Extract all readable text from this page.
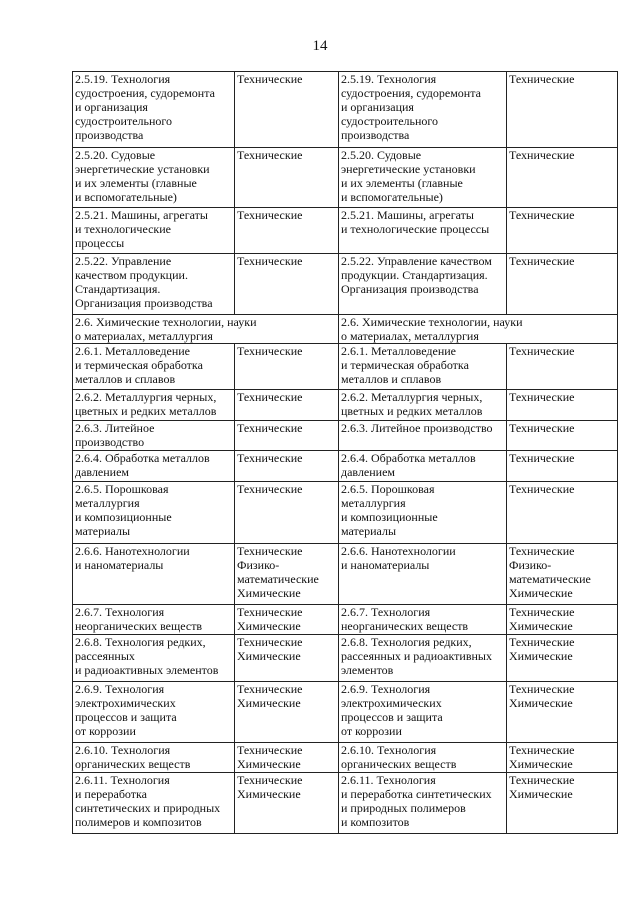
14
2.5.19. Технология
судостроения, судоремонта
и организация
судостроительного
производства	Технические	2.5.19. Технология
судостроения, судоремонта
и организация
судостроительного
производства	Технические
2.5.20. Судовые
энергетические установки
и их элементы (главные
и вспомогательные)	Технические	2.5.20. Судовые
энергетические установки
и их элементы (главные
и вспомогательные)	Технические
2.5.21. Машины, агрегаты
и технологические
процессы	Технические	2.5.21. Машины, агрегаты
и технологические процессы	Технические
2.5.22. Управление
качеством продукции.
Стандартизация.
Организация производства	Технические	2.5.22. Управление качеством
продукции. Стандартизация.
Организация производства	Технические
2.6. Химические технологии, науки
о материалах, металлургия		2.6. Химические технологии, науки
о материалах, металлургия	
2.6.1. Металловедение
и термическая обработка
металлов и сплавов	Технические	2.6.1. Металловедение
и термическая обработка
металлов и сплавов	Технические
2.6.2. Металлургия черных,
цветных и редких металлов	Технические	2.6.2. Металлургия черных,
цветных и редких металлов	Технические
2.6.3. Литейное
производство	Технические	2.6.3. Литейное производство	Технические
2.6.4. Обработка металлов
давлением	Технические	2.6.4. Обработка металлов
давлением	Технические
2.6.5. Порошковая
металлургия
и композиционные
материалы	Технические	2.6.5. Порошковая
металлургия
и композиционные
материалы	Технические
2.6.6. Нанотехнологии
и наноматериалы	Технические
Физико-
математические
Химические	2.6.6. Нанотехнологии
и наноматериалы	Технические
Физико-
математические
Химические
2.6.7. Технология
неорганических веществ	Технические
Химические	2.6.7. Технология
неорганических веществ	Технические
Химические
2.6.8. Технология редких,
рассеянных
и радиоактивных элементов	Технические
Химические	2.6.8. Технология редких,
рассеянных и радиоактивных
элементов	Технические
Химические
2.6.9. Технология
электрохимических
процессов и защита
от коррозии	Технические
Химические	2.6.9. Технология
электрохимических
процессов и защита
от коррозии	Технические
Химические
2.6.10. Технология
органических веществ	Технические
Химические	2.6.10. Технология
органических веществ	Технические
Химические
2.6.11. Технология
и переработка
синтетических и природных
полимеров и композитов	Технические
Химические	2.6.11. Технология
и переработка синтетических
и природных полимеров
и композитов	Технические
Химические
